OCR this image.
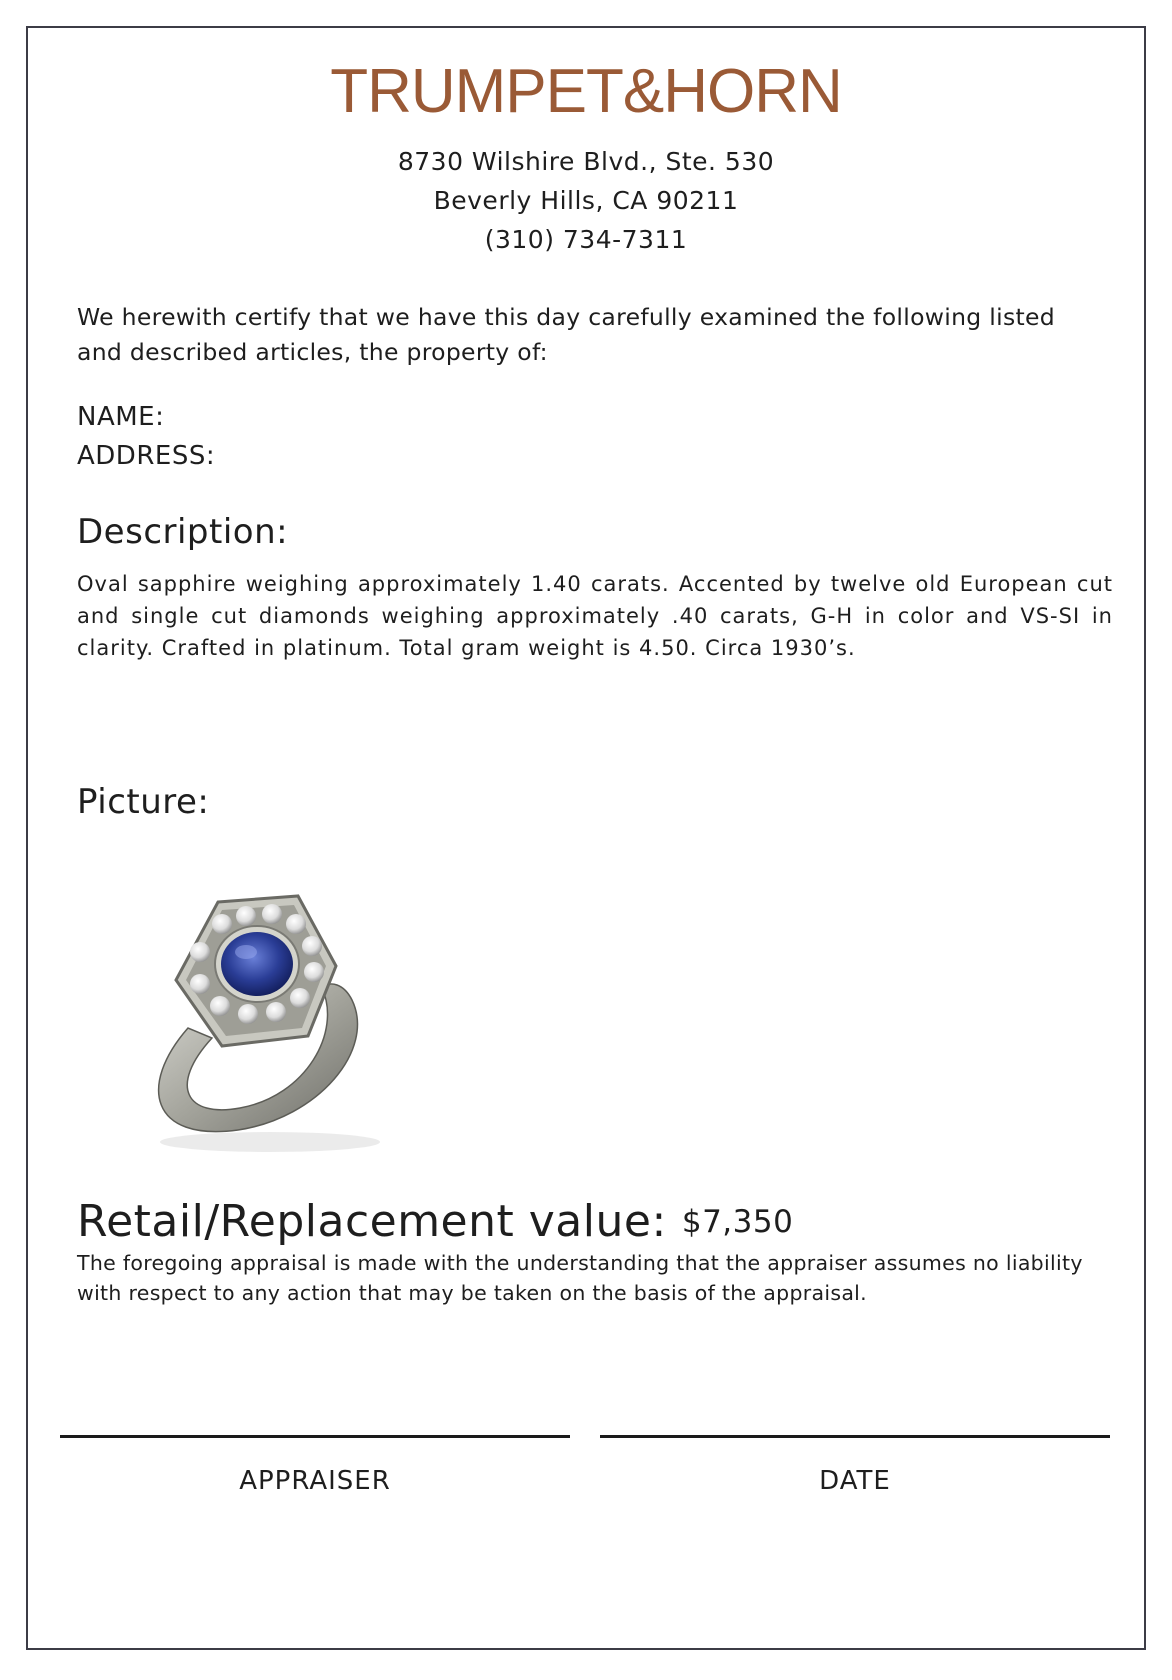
TRUMPET&HORN
8730 Wilshire Blvd., Ste. 530
Beverly Hills, CA 90211
(310) 734-7311
We herewith certify that we have this day carefully examined the following listed and described articles, the property of:
NAME:
ADDRESS:
Description:
Oval sapphire weighing approximately 1.40 carats. Accented by twelve old European cut and single cut diamonds weighing approximately .40 carats, G-H in color and VS-SI in clarity. Crafted in platinum. Total gram weight is 4.50. Circa 1930’s.
Picture:
Retail/Replacement value: $7,350
The foregoing appraisal is made with the understanding that the appraiser assumes no liability with respect to any action that may be taken on the basis of the appraisal.
APPRAISER	DATE
